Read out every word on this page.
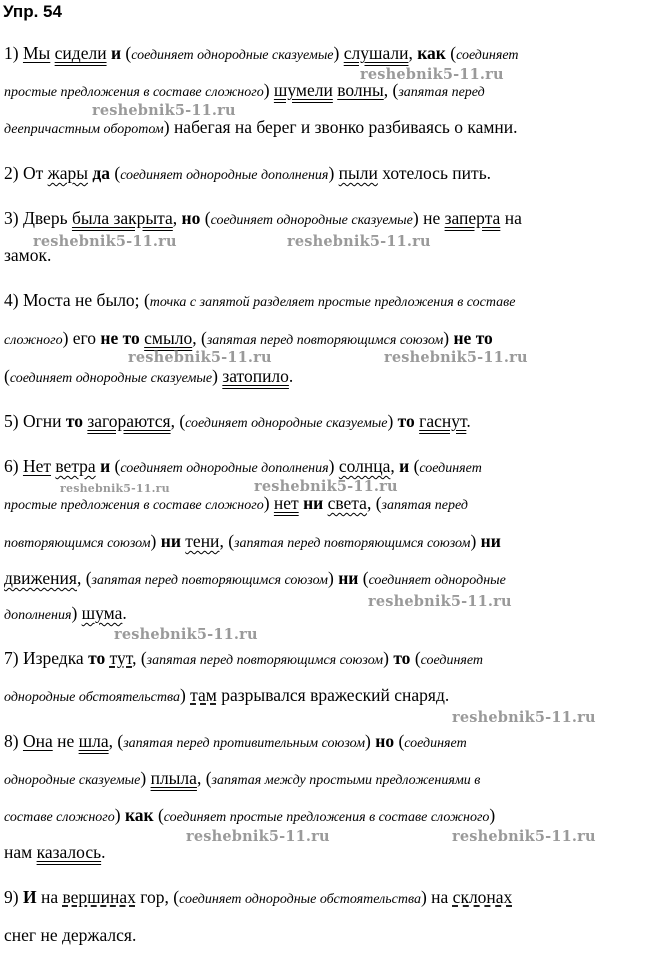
Упр. 54
1) Мы сидели и (соединяет однородные сказуемые) слушали, как (соединяет
простые предложения в составе сложного) шумели волны, (запятая перед
деепричастным оборотом) набегая на берег и звонко разбиваясь о камни.
2) От жары да (соединяет однородные дополнения) пыли хотелось пить.
3) Дверь была закрыта, но (соединяет однородные сказуемые) не заперта на
замок.
4) Моста не было; (точка с запятой разделяет простые предложения в составе
сложного) его не то смыло, (запятая перед повторяющимся союзом) не то
(соединяет однородные сказуемые) затопило.
5) Огни то загораются, (соединяет однородные сказуемые) то гаснут.
6) Нет ветра и (соединяет однородные дополнения) солнца, и (соединяет
простые предложения в составе сложного) нет ни света, (запятая перед
повторяющимся союзом) ни тени, (запятая перед повторяющимся союзом) ни
движения, (запятая перед повторяющимся союзом) ни (соединяет однородные
дополнения) шума.
7) Изредка то тут, (запятая перед повторяющимся союзом) то (соединяет
однородные обстоятельства) там разрывался вражеский снаряд.
8) Она не шла, (запятая перед противительным союзом) но (соединяет
однородные сказуемые) плыла, (запятая между простыми предложениями в
составе сложного) как (соединяет простые предложения в составе сложного)
нам казалось.
9) И на вершинах гор, (соединяет однородные обстоятельства) на склонах
снег не держался.
reshebnik5-11.ru
reshebnik5-11.ru
reshebnik5-11.ru	reshebnik5-11.ru
reshebnik5-11.ru	reshebnik5-11.ru
reshebnik5-11.ru	reshebnik5-11.ru
reshebnik5-11.ru
reshebnik5-11.ru
reshebnik5-11.ru
reshebnik5-11.ru	reshebnik5-11.ru
